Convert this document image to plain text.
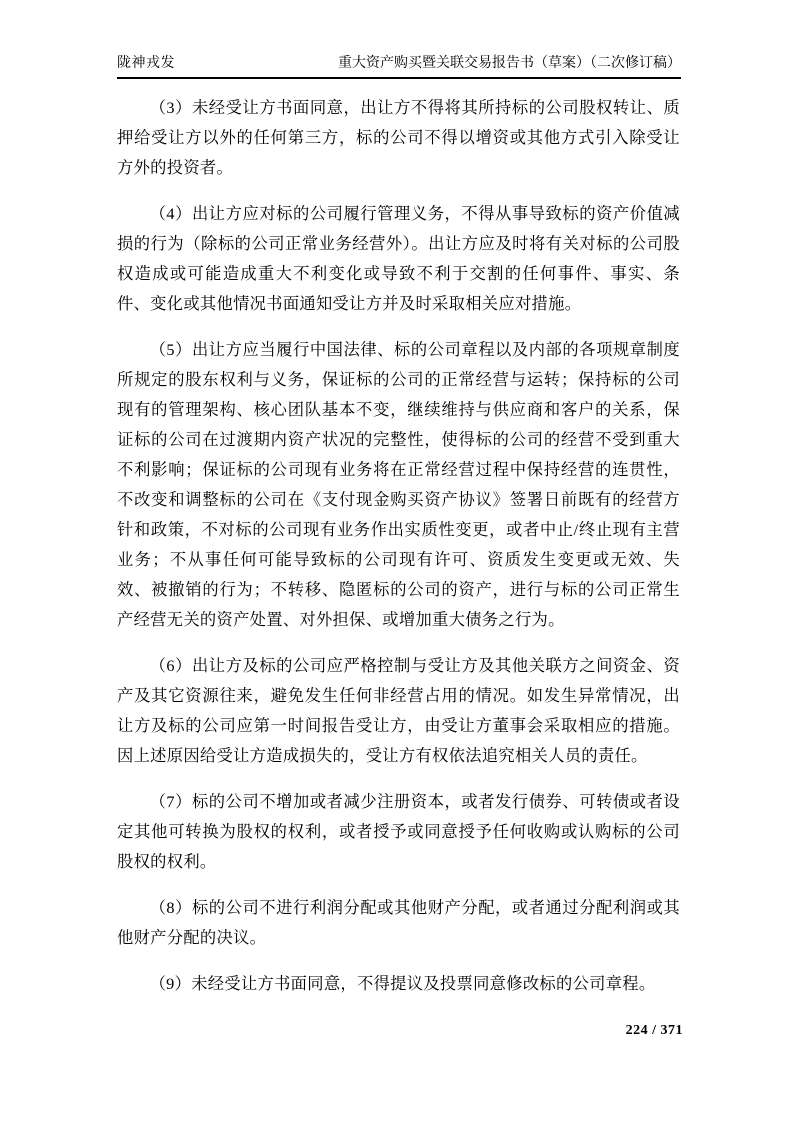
陇神戎发	重大资产购买暨关联交易报告书（草案）（二次修订稿）

（3）未经受让方书面同意，出让方不得将其所持标的公司股权转让、质押给受让方以外的任何第三方，标的公司不得以增资或其他方式引入除受让方外的投资者。

（4）出让方应对标的公司履行管理义务，不得从事导致标的资产价值减损的行为（除标的公司正常业务经营外）。出让方应及时将有关对标的公司股权造成或可能造成重大不利变化或导致不利于交割的任何事件、事实、条件、变化或其他情况书面通知受让方并及时采取相关应对措施。

（5）出让方应当履行中国法律、标的公司章程以及内部的各项规章制度所规定的股东权利与义务，保证标的公司的正常经营与运转；保持标的公司现有的管理架构、核心团队基本不变，继续维持与供应商和客户的关系，保证标的公司在过渡期内资产状况的完整性，使得标的公司的经营不受到重大不利影响；保证标的公司现有业务将在正常经营过程中保持经营的连贯性，不改变和调整标的公司在《支付现金购买资产协议》签署日前既有的经营方针和政策，不对标的公司现有业务作出实质性变更，或者中止/终止现有主营业务；不从事任何可能导致标的公司现有许可、资质发生变更或无效、失效、被撤销的行为；不转移、隐匿标的公司的资产，进行与标的公司正常生产经营无关的资产处置、对外担保、或增加重大债务之行为。

（6）出让方及标的公司应严格控制与受让方及其他关联方之间资金、资产及其它资源往来，避免发生任何非经营占用的情况。如发生异常情况，出让方及标的公司应第一时间报告受让方，由受让方董事会采取相应的措施。因上述原因给受让方造成损失的，受让方有权依法追究相关人员的责任。

（7）标的公司不增加或者减少注册资本，或者发行债券、可转债或者设定其他可转换为股权的权利，或者授予或同意授予任何收购或认购标的公司股权的权利。

（8）标的公司不进行利润分配或其他财产分配，或者通过分配利润或其他财产分配的决议。

（9）未经受让方书面同意，不得提议及投票同意修改标的公司章程。

224 / 371
